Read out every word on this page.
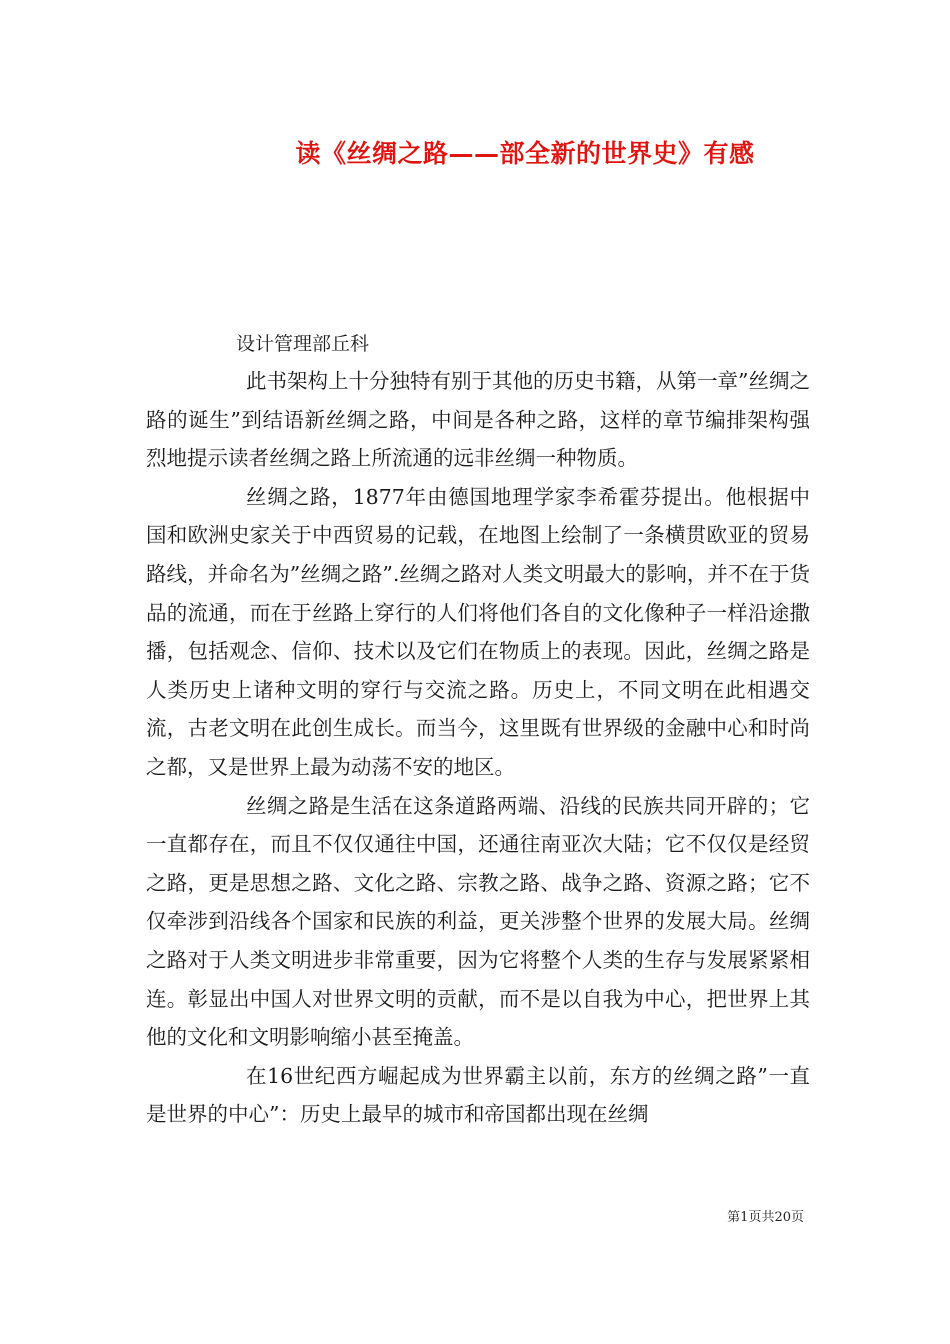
读《丝绸之路——部全新的世界史》有感

设计管理部丘科

此书架构上十分独特有别于其他的历史书籍，从第一章”丝绸之路的诞生”到结语新丝绸之路，中间是各种之路，这样的章节编排架构强烈地提示读者丝绸之路上所流通的远非丝绸一种物质。

丝绸之路，1877年由德国地理学家李希霍芬提出。他根据中国和欧洲史家关于中西贸易的记载，在地图上绘制了一条横贯欧亚的贸易路线，并命名为”丝绸之路”.丝绸之路对人类文明最大的影响，并不在于货品的流通，而在于丝路上穿行的人们将他们各自的文化像种子一样沿途撒播，包括观念、信仰、技术以及它们在物质上的表现。因此，丝绸之路是人类历史上诸种文明的穿行与交流之路。历史上，不同文明在此相遇交流，古老文明在此创生成长。而当今，这里既有世界级的金融中心和时尚之都，又是世界上最为动荡不安的地区。

丝绸之路是生活在这条道路两端、沿线的民族共同开辟的；它一直都存在，而且不仅仅通往中国，还通往南亚次大陆；它不仅仅是经贸之路，更是思想之路、文化之路、宗教之路、战争之路、资源之路；它不仅牵涉到沿线各个国家和民族的利益，更关涉整个世界的发展大局。丝绸之路对于人类文明进步非常重要，因为它将整个人类的生存与发展紧紧相连。彰显出中国人对世界文明的贡献，而不是以自我为中心，把世界上其他的文化和文明影响缩小甚至掩盖。

在16世纪西方崛起成为世界霸主以前，东方的丝绸之路”一直是世界的中心”：历史上最早的城市和帝国都出现在丝绸

第1页共20页
